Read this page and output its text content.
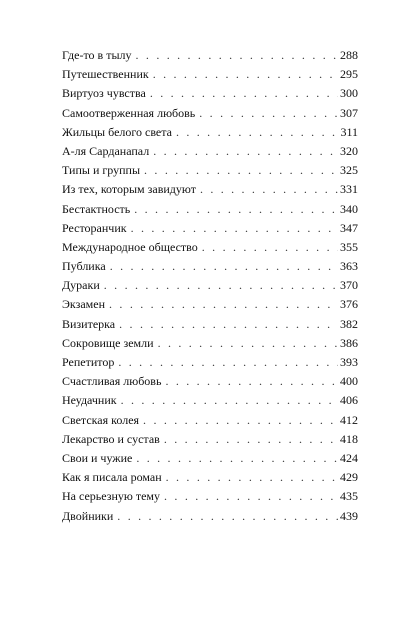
Где-то в тылу . . .	288
Путешественник . . .	295
Виртуоз чувства . . .	300
Самоотверженная любовь . . .	307
Жильцы белого света . . .	311
А-ля Сарданапал . . .	320
Типы и группы . . .	325
Из тех, которым завидуют . . .	331
Бестактность . . .	340
Ресторанчик . . .	347
Международное общество . . .	355
Публика . . .	363
Дураки . . .	370
Экзамен . . .	376
Визитерка . . .	382
Сокровище земли . . .	386
Репетитор . . .	393
Счастливая любовь . . .	400
Неудачник . . .	406
Светская колея . . .	412
Лекарство и сустав . . .	418
Свои и чужие . . .	424
Как я писала роман . . .	429
На серьезную тему . . .	435
Двойники . . .	439
